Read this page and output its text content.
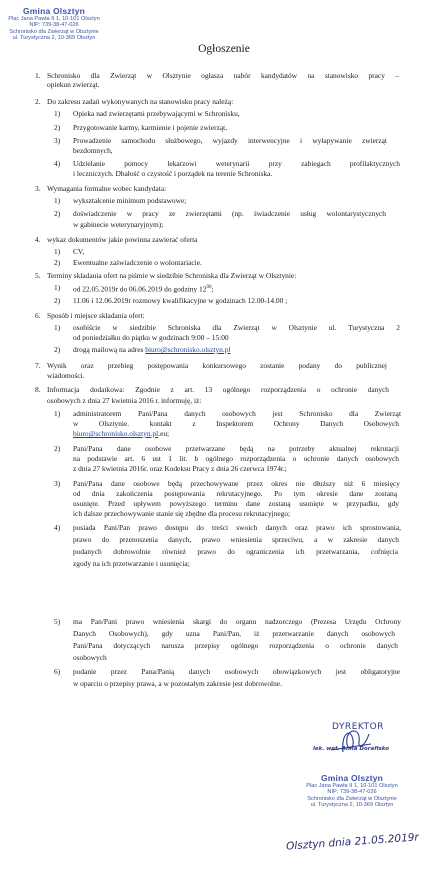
Gmina Olsztyn
Plac Jana Pawła II 1, 10-101 Olsztyn
NIP: 739-38-47-026
Schronisko dla Zwierząt w Olsztynie
ul. Turystyczna 2, 10-369 Olsztyn
Ogłoszenie
1. Schronisko dla Zwierząt w Olsztynie ogłasza nabór kandydatów na stanowisko pracy –
opiekun zwierząt.
2. Do zakresu zadań wykonywanych na stanowisku pracy należą:
1) Opieka nad zwierzętami przebywającymi w Schronisku,
2) Przygotowanie karmy, karmienie i pojenie zwierząt,
3) Prowadzenie samochodu służbowego, wyjazdy interwencyjne i wyłapywanie zwierząt
bezdomnych,
4) Udzielanie pomocy lekarzowi weterynarii przy zabiegach profilaktycznych
i leczniczych. Dbałość o czystość i porządek na terenie Schroniska.
3. Wymagania formalne wobec kandydata:
1) wykształcenie minimum podstawowe;
2) doświadczenie w pracy ze zwierzętami (np. świadczenie usług wolontarystycznych
w gabinecie weterynaryjnym);
4. wykaz dokumentów jakie powinna zawierać oferta
1) CV,
2) Ewentualne zaświadczenie o wolontariacie.
5. Terminy składania ofert na piśmie w siedzibie Schroniska dla Zwierząt w Olsztynie:
1) od 22.05.2019r do 06.06.2019 do godziny $12^{00}$;
2) 11.06 i 12.06.2019r rozmowy kwalifikacyjne w godzinach 12.00-14.00 ;
6. Sposób i miejsce składania ofert:
1) osobiście w siedzibie Schroniska dla Zwierząt w Olsztynie ul. Turystyczna 2
od poniedziałku do piątku w godzinach 9:00 – 15:00
2) drogą mailową na adres biuro@schronisko.olsztyn.pl
7. Wynik oraz przebieg postępowania konkursowego zostanie podany do publicznej
wiadomości.
8. Informacja dodatkowa: Zgodnie z art. 13 ogólnego rozporządzenia o ochronie danych
osobowych z dnia 27 kwietnia 2016 r. informuję, iż:
1) administratorem Pani/Pana danych osobowych jest Schronisko dla Zwierząt
w Olsztynie. kontakt z Inspektorem Ochrony Danych Osobowych
biuro@schronisko.olsztyn.pl.eu;
2) Pani/Pana dane osobowe przetwarzane będą na potrzeby aktualnej rekrutacji
na podstawie art. 6 ust 1 lit. b ogólnego rozporządzenia o ochronie danych osobowych
z dnia 27 kwietnia 2016r. oraz Kodeksu Pracy z dnia 26 czerwca 1974r.;
3) Pani/Pana dane osobowe będą przechowywane przez okres nie dłuższy niż 6 miesięcy
od dnia zakończenia postępowania rekrutacyjnego. Po tym okresie dane zostaną
usunięte. Przed upływem powyższego terminu dane zostaną usunięte w przypadku, gdy
ich dalsze przechowywanie stanie się zbędne dla procesu rekrutacyjnego;
4) posiada Pani/Pan prawo dostępu do treści swoich danych oraz prawo ich sprostowania,
prawo do przenoszenia danych, prawo wniesienia sprzeciwu, a w zakresie danych
podanych dobrowolnie również prawo do ograniczenia ich przetwarzania, cofnięcia
zgody na ich przetwarzanie i usunięcia;
5) ma Pan/Pani prawo wniesienia skargi do organu nadzorczego (Prezesa Urzędu Ochrony
Danych Osobowych), gdy uzna Pani/Pan, iż przetwarzanie danych osobowych
Pani/Pana dotyczących narusza przepisy ogólnego rozporządzenia o ochronie danych
osobowych
6) podanie przez Pana/Panią danych osobowych obowiązkowych jest obligatoryjne
w oparciu o przepisy prawa, a w pozostałym zakresie jest dobrowolne.
DYREKTOR
lek. wet. Anna Dorafisko
Gmina Olsztyn
Plac Jana Pawła II 1, 10-101 Olsztyn
NIP: 739-38-47-026
Schronisko dla Zwierząt w Olsztynie
ul. Turystyczna 2, 10-369 Olsztyn
Olsztyn dnia 21.05.2019r
